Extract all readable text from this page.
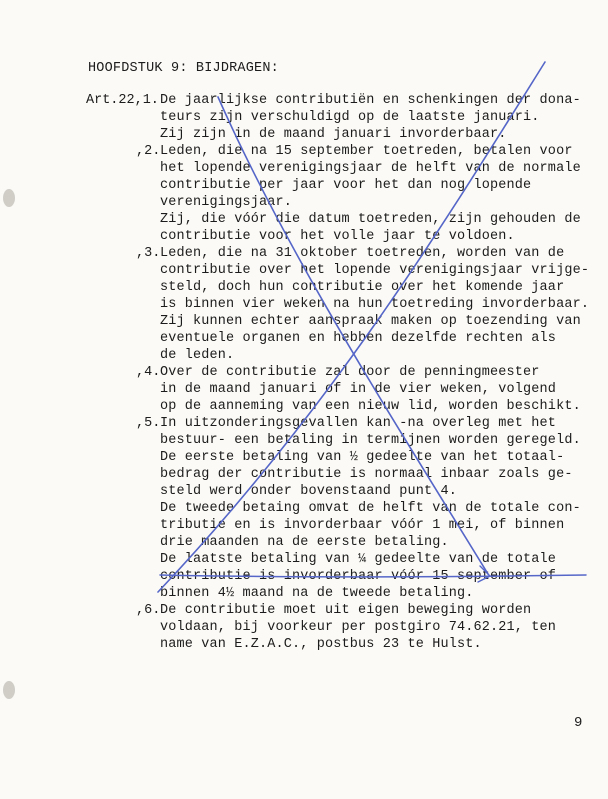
HOOFDSTUK 9: BIJDRAGEN:
Art.22,1. De jaarlijkse contributiën en schenkingen der dona-
teurs zijn verschuldigd op de laatste januari.
Zij zijn in de maand januari invorderbaar.
,2. Leden, die na 15 september toetreden, betalen voor
het lopende verenigingsjaar de helft van de normale
contributie per jaar voor het dan nog lopende
verenigingsjaar.
Zij, die vóór die datum toetreden, zijn gehouden de
contributie voor het volle jaar te voldoen.
,3. Leden, die na 31 oktober toetreden, worden van de
contributie over het lopende verenigingsjaar vrijge-
steld, doch hun contributie over het komende jaar
is binnen vier weken na hun toetreding invorderbaar.
Zij kunnen echter aanspraak maken op toezending van
eventuele organen en hebben dezelfde rechten als
de leden.
,4. Over de contributie zal door de penningmeester
in de maand januari of in de vier weken, volgend
op de aanneming van een nieuw lid, worden beschikt.
,5. In uitzonderingsgevallen kan -na overleg met het
bestuur- een betaling in termijnen worden geregeld.
De eerste betaling van ½ gedeelte van het totaal-
bedrag der contributie is normaal inbaar zoals ge-
steld werd onder bovenstaand punt 4.
De tweede betaing omvat de helft van de totale con-
tributie en is invorderbaar vóór 1 mei, of binnen
drie maanden na de eerste betaling.
De laatste betaling van ¼ gedeelte van de totale
contributie is invorderbaar vóór 15 september of
binnen 4½ maand na de tweede betaling.
,6. De contributie moet uit eigen beweging worden
voldaan, bij voorkeur per postgiro 74.62.21, ten
name van E.Z.A.C., postbus 23 te Hulst.
9
